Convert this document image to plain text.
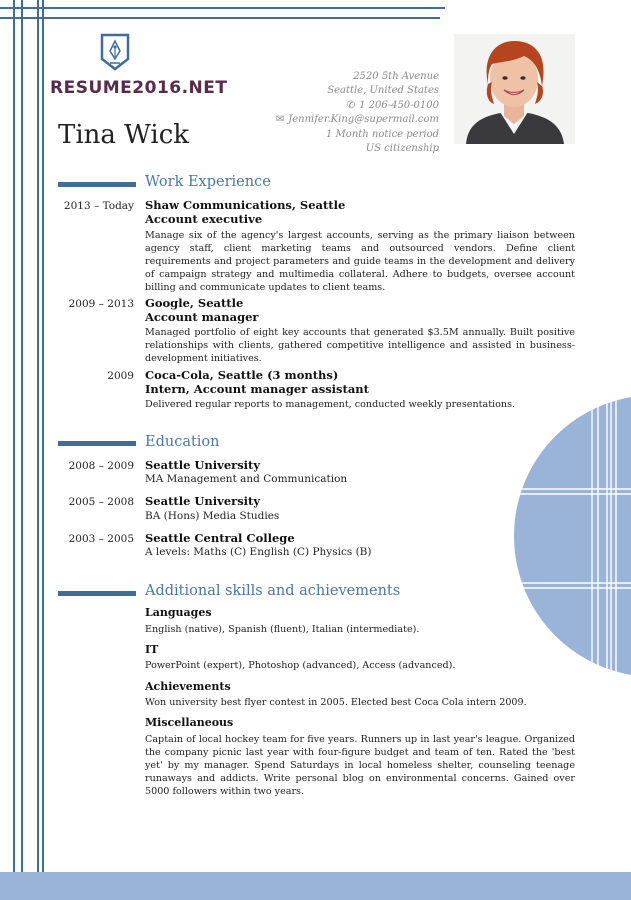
RESUME2016.NET
Tina Wick
2520 5th Avenue
Seattle, United States
✆ 1 206-450-0100
✉ Jennifer.King@supermail.com
1 Month notice period
US citizenship
Work Experience
2013 – Today Shaw Communications, Seattle
Account executive
Manage six of the agency's largest accounts, serving as the primary liaison between agency staff, client marketing teams and outsourced vendors. Define client requirements and project parameters and guide teams in the development and delivery of campaign strategy and multimedia collateral. Adhere to budgets, oversee account billing and communicate updates to client teams.
2009 – 2013 Google, Seattle
Account manager
Managed portfolio of eight key accounts that generated $3.5M annually. Built positive relationships with clients, gathered competitive intelligence and assisted in business-development initiatives.
2009 Coca-Cola, Seattle (3 months)
Intern, Account manager assistant
Delivered regular reports to management, conducted weekly presentations.
Education
2008 – 2009 Seattle University
MA Management and Communication
2005 – 2008 Seattle University
BA (Hons) Media Studies
2003 – 2005 Seattle Central College
A levels: Maths (C) English (C) Physics (B)
Additional skills and achievements
Languages
English (native), Spanish (fluent), Italian (intermediate).
IT
PowerPoint (expert), Photoshop (advanced), Access (advanced).
Achievements
Won university best flyer contest in 2005. Elected best Coca Cola intern 2009.
Miscellaneous
Captain of local hockey team for five years. Runners up in last year's league. Organized the company picnic last year with four-figure budget and team of ten. Rated the 'best yet' by my manager. Spend Saturdays in local homeless shelter, counseling teenage runaways and addicts. Write personal blog on environmental concerns. Gained over 5000 followers within two years.
